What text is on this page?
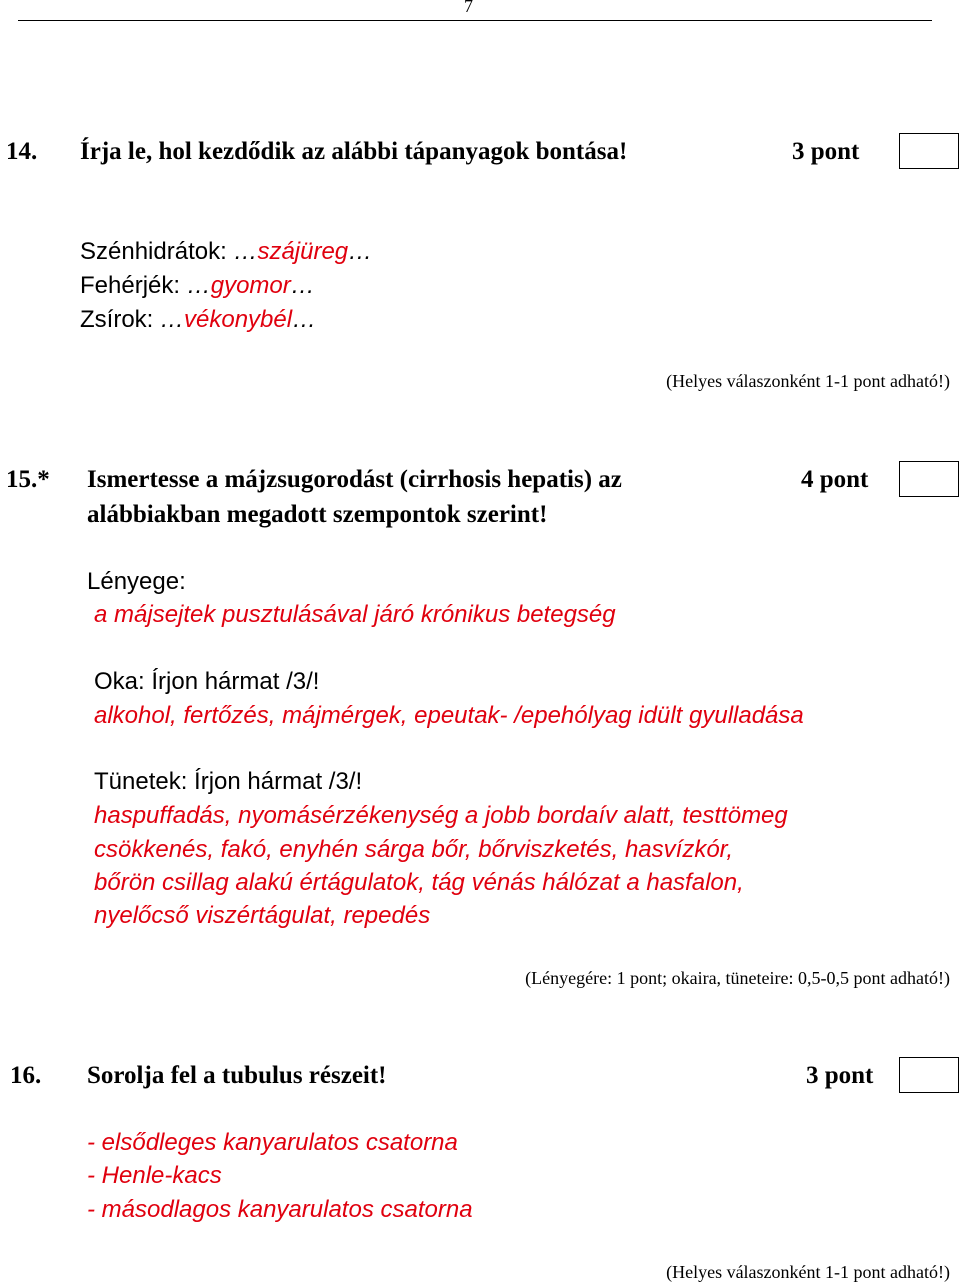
7
14. Írja le, hol kezdődik az alábbi tápanyagok bontása!	3 pont
Szénhidrátok: …szájüreg…
Fehérjék: …gyomor…
Zsírok: …vékonybél…
(Helyes válaszonként 1-1 pont adható!)
15.* Ismertesse a májzsugorodást (cirrhosis hepatis) az
alábbiakban megadott szempontok szerint!
4 pont
Lényege:
a májsejtek pusztulásával járó krónikus betegség
Oka: Írjon hármat /3/!
alkohol, fertőzés, májmérgek, epeutak- /epehólyag idült gyulladása
Tünetek: Írjon hármat /3/!
haspuffadás, nyomásérzékenység a jobb bordaív alatt, testtömeg
csökkenés, fakó, enyhén sárga bőr, bőrviszketés, hasvízkór,
bőrön csillag alakú értágulatok, tág vénás hálózat a hasfalon,
nyelőcső viszértágulat, repedés
(Lényegére: 1 pont; okaira, tüneteire: 0,5-0,5 pont adható!)
16. Sorolja fel a tubulus részeit!	3 pont
- elsődleges kanyarulatos csatorna
- Henle-kacs
- másodlagos kanyarulatos csatorna
(Helyes válaszonként 1-1 pont adható!)
